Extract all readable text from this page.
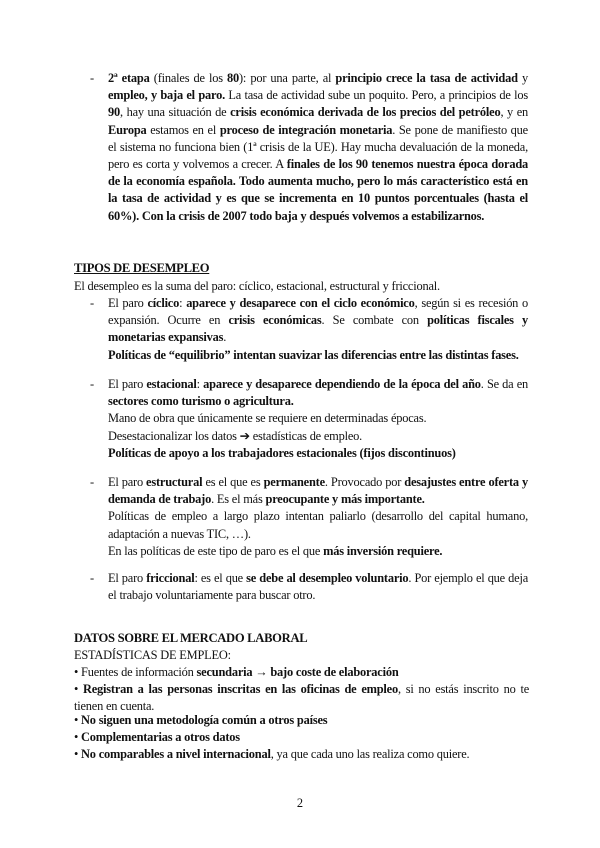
- 2ª etapa (finales de los 80): por una parte, al principio crece la tasa de actividad y empleo, y baja el paro. La tasa de actividad sube un poquito. Pero, a principios de los 90, hay una situación de crisis económica derivada de los precios del petróleo, y en Europa estamos en el proceso de integración monetaria. Se pone de manifiesto que el sistema no funciona bien (1ª crisis de la UE). Hay mucha devaluación de la moneda, pero es corta y volvemos a crecer. A finales de los 90 tenemos nuestra época dorada de la economía española. Todo aumenta mucho, pero lo más característico está en la tasa de actividad y es que se incrementa en 10 puntos porcentuales (hasta el 60%). Con la crisis de 2007 todo baja y después volvemos a estabilizarnos.
TIPOS DE DESEMPLEO
El desempleo es la suma del paro: cíclico, estacional, estructural y friccional.
- El paro cíclico: aparece y desaparece con el ciclo económico, según si es recesión o expansión. Ocurre en crisis económicas. Se combate con políticas fiscales y monetarias expansivas.
Políticas de “equilibrio” intentan suavizar las diferencias entre las distintas fases.
- El paro estacional: aparece y desaparece dependiendo de la época del año. Se da en sectores como turismo o agricultura.
Mano de obra que únicamente se requiere en determinadas épocas.
Desestacionalizar los datos ➔ estadísticas de empleo.
Políticas de apoyo a los trabajadores estacionales (fijos discontinuos)
- El paro estructural es el que es permanente. Provocado por desajustes entre oferta y demanda de trabajo. Es el más preocupante y más importante.
Políticas de empleo a largo plazo intentan paliarlo (desarrollo del capital humano, adaptación a nuevas TIC, …).
En las políticas de este tipo de paro es el que más inversión requiere.
- El paro friccional: es el que se debe al desempleo voluntario. Por ejemplo el que deja el trabajo voluntariamente para buscar otro.
DATOS SOBRE EL MERCADO LABORAL
ESTADÍSTICAS DE EMPLEO:
• Fuentes de información secundaria → bajo coste de elaboración
• Registran a las personas inscritas en las oficinas de empleo, si no estás inscrito no te tienen en cuenta.
• No siguen una metodología común a otros países
• Complementarias a otros datos
• No comparables a nivel internacional, ya que cada uno las realiza como quiere.
2
